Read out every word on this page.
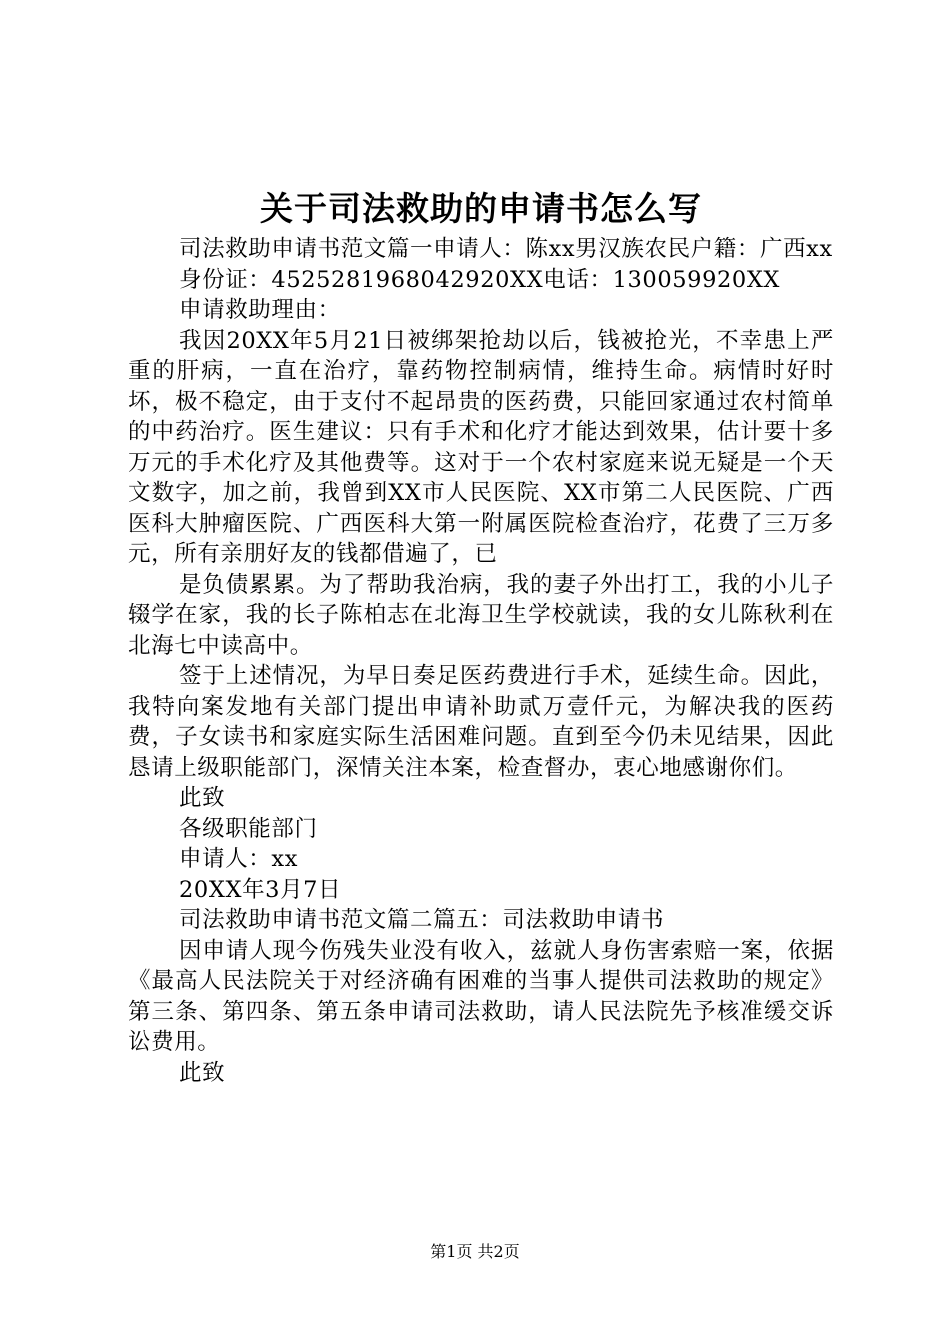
关于司法救助的申请书怎么写

司法救助申请书范文篇一申请人：陈xx男汉族农民户籍：广西xx

身份证：4525281968042920XX电话：130059920XX

申请救助理由：

我因20XX年5月21日被绑架抢劫以后，钱被抢光，不幸患上严重的肝病，一直在治疗，靠药物控制病情，维持生命。病情时好时坏，极不稳定，由于支付不起昂贵的医药费，只能回家通过农村简单的中药治疗。医生建议：只有手术和化疗才能达到效果，估计要十多万元的手术化疗及其他费等。这对于一个农村家庭来说无疑是一个天文数字，加之前，我曾到XX市人民医院、XX市第二人民医院、广西医科大肿瘤医院、广西医科大第一附属医院检查治疗，花费了三万多元，所有亲朋好友的钱都借遍了，已

是负债累累。为了帮助我治病，我的妻子外出打工，我的小儿子辍学在家，我的长子陈柏志在北海卫生学校就读，我的女儿陈秋利在北海七中读高中。

签于上述情况，为早日奏足医药费进行手术，延续生命。因此，我特向案发地有关部门提出申请补助贰万壹仟元，为解决我的医药费，子女读书和家庭实际生活困难问题。直到至今仍未见结果，因此恳请上级职能部门，深情关注本案，检查督办，衷心地感谢你们。

此致

各级职能部门

申请人：xx

20XX年3月7日

司法救助申请书范文篇二篇五：司法救助申请书

因申请人现今伤残失业没有收入，兹就人身伤害索赔一案，依据《最高人民法院关于对经济确有困难的当事人提供司法救助的规定》第三条、第四条、第五条申请司法救助，请人民法院先予核准缓交诉讼费用。

此致

第1页 共2页
